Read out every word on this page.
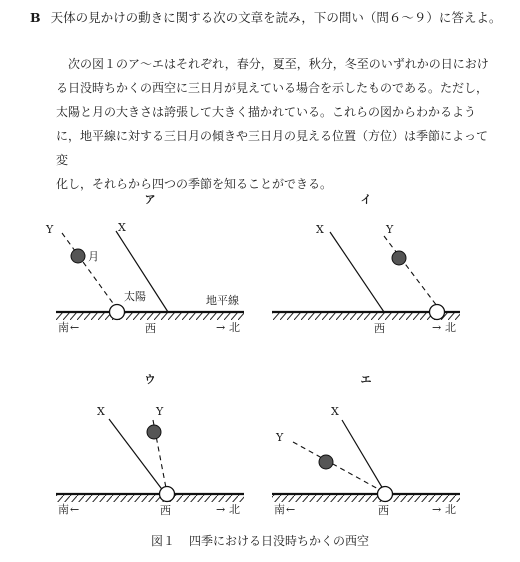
B 天体の見かけの動きに関する次の文章を読み，下の問い（問６～９）に答えよ。

次の図１のア～エはそれぞれ，春分，夏至，秋分，冬至のいずれかの日におけ

る日没時ちかくの西空に三日月が見えている場合を示したものである。ただし，

太陽と月の大きさは誇張して大きく描かれている。これらの図からわかるよう

に，地平線に対する三日月の傾きや三日月の見える位置（方位）は季節によって変

化し，それらから四つの季節を知ることができる。

ア
X
Y
月
太陽	地平線
南 ←	西	→ 北
イ
X	Y
西	→ 北
ウ
X	Y
南 ←	西	→ 北
エ
X
Y
南 ←	西	→ 北
図１ 四季における日没時ちかくの西空
